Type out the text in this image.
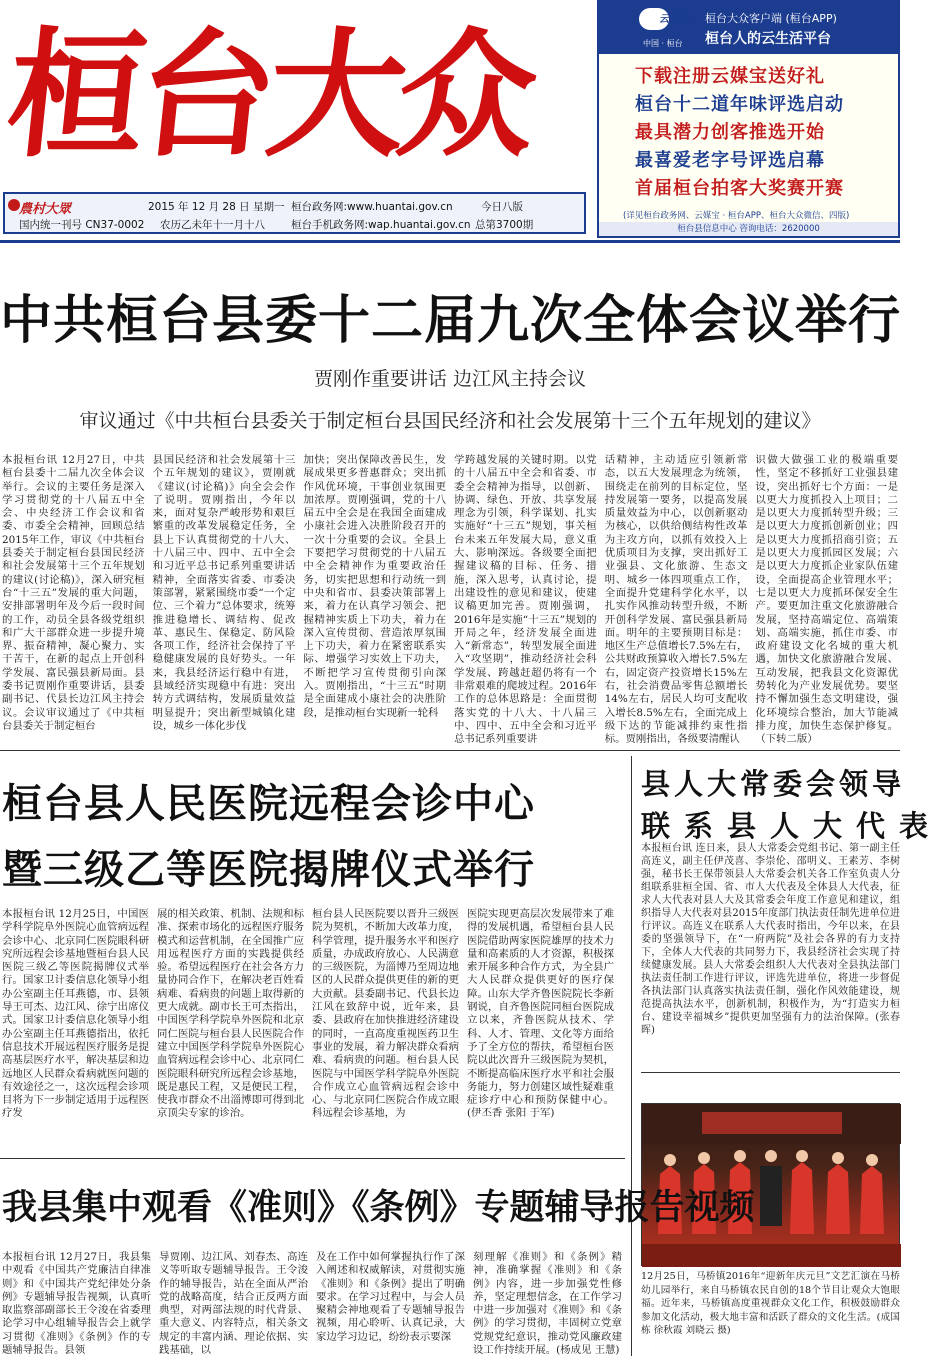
桓台大众
農村大眾
国内统一刊号 CN37-0002
2015 年 12 月 28 日 星期一
农历乙未年十一月十八
桓台政务网:www.huantai.gov.cn
桓台手机政务网:wap.huantai.gov.cn
今日八版
总第3700期
云媒宝
中国 · 桓台
桓台大众客户端 (桓台APP)
桓台人的云生活平台
下载注册云媒宝送好礼
桓台十二道年味评选启动
最具潜力创客推选开始
最喜爱老字号评选启幕
首届桓台拍客大奖赛开赛
(详见桓台政务网、云媒宝 · 桓台APP、桓台大众微信、四版)
桓台县信息中心 咨询电话：2620000
中共桓台县委十二届九次全体会议举行
贾刚作重要讲话 边江风主持会议
审议通过《中共桓台县委关于制定桓台县国民经济和社会发展第十三个五年规划的建议》
本报桓台讯 12月27日，中共桓台县委十二届九次全体会议举行。会议的主要任务是深入学习贯彻党的十八届五中全会、中央经济工作会议和省委、市委全会精神，回顾总结2015年工作，审议《中共桓台县委关于制定桓台县国民经济和社会发展第十三个五年规划的建议(讨论稿)》，深入研究桓台“十三五”发展的重大问题，安排部署明年及今后一段时间的工作，动员全县各级党组织和广大干部群众进一步提升境界、振奋精神，凝心聚力、实干苦干，在新的起点上开创科学发展、富民强县新局面。县委书记贾刚作重要讲话，县委副书记、代县长边江风主持会议。会议审议通过了《中共桓台县委关于制定桓台
县国民经济和社会发展第十三个五年规划的建议》，贾刚就《建议(讨论稿)》向全会会作了说明。贾刚指出，今年以来，面对复杂严峻形势和艰巨繁重的改革发展稳定任务，全县上下认真贯彻党的十八大、十八届三中、四中、五中全会和习近平总书记系列重要讲话精神，全面落实省委、市委决策部署，紧紧围绕市委“一个定位、三个着力”总体要求，统筹推进稳增长、调结构、促改革、惠民生、保稳定、防风险各项工作，经济社会保持了平稳健康发展的良好势头。一年来，我县经济运行稳中有进，县域经济实现稳中有进：突出转方式调结构，发展质量效益明显提升；突出新型城镇化建设，城乡一体化步伐
加快；突出保障改善民生，发展成果更多普惠群众；突出抓作风优环境，干事创业氛围更加浓厚。贾刚强调，党的十八届五中全会是在我国全面建成小康社会进入决胜阶段召开的一次十分重要的会议。全县上下要把学习贯彻党的十八届五中全会精神作为重要政治任务，切实把思想和行动统一到中央和省市、县委决策部署上来，着力在认真学习领会、把握精神实质上下功夫，着力在深入宣传贯彻、营造浓厚氛围上下功夫，着力在紧密联系实际、增强学习实效上下功夫，不断把学习宣传贯彻引向深入。贾刚指出，“十三五”时期是全面建成小康社会的决胜阶段，是推动桓台实现新一轮科
学跨越发展的关键时期。以党的十八届五中全会和省委、市委全会精神为指导，以创新、协调、绿色、开放、共享发展理念为引领，科学谋划、扎实实施好“十三五”规划，事关桓台未来五年发展大局，意义重大、影响深远。各级要全面把握建议稿的目标、任务、措施，深入思考，认真讨论，提出建设性的意见和建议，使建议稿更加完善。贾刚强调，2016年是实施“十三五”规划的开局之年，经济发展全面进入“新常态”，转型发展全面进入“攻坚期”，推动经济社会科学发展、跨越赶超仍将有一个非常艰难的爬坡过程。2016年工作的总体思路是：全面贯彻落实党的十八大、十八届三中、四中、五中全会和习近平总书记系列重要讲
话精神，主动适应引领新常态，以五大发展理念为统领，围绕走在前列的目标定位，坚持发展第一要务，以提高发展质量效益为中心，以创新驱动为核心，以供给侧结构性改革为主攻方向，以抓有效投入上优质项目为支撑，突出抓好工业强县、文化旅游、生态文明、城乡一体四项重点工作，全面提升党建科学化水平，以扎实作风推动转型升级，不断开创科学发展、富民强县新局面。明年的主要预期目标是：地区生产总值增长7.5%左右，公共财政预算收入增长7.5%左右，固定资产投资增长15%左右，社会消费品零售总额增长14%左右，居民人均可支配收入增长8.5%左右，全面完成上级下达的节能减排约束性指标。贾刚指出，各级要清醒认
识做大做强工业的极端重要性，坚定不移抓好工业强县建设，突出抓好七个方面：一是以更大力度抓投入上项目；二是以更大力度抓转型升级；三是以更大力度抓创新创业；四是以更大力度抓招商引资；五是以更大力度抓园区发展；六是以更大力度抓企业家队伍建设，全面提高企业管理水平；七是以更大力度抓环保安全生产。要更加注重文化旅游融合发展，坚持高端定位、高端策划、高端实施，抓住市委、市政府建设文化名城的重大机遇，加快文化旅游融合发展、互动发展，把我县文化资源优势转化为产业发展优势。要坚持不懈加强生态文明建设，强化环境综合整治，加大节能减排力度，加快生态保护修复。（下转二版）
桓台县人民医院远程会诊中心
暨三级乙等医院揭牌仪式举行
本报桓台讯 12月25日，中国医学科学院阜外医院心血管病远程会诊中心、北京同仁医院眼科研究所远程会诊基地暨桓台县人民医院三级乙等医院揭牌仪式举行。国家卫计委信息化领导小组办公室副主任耳燕德，市、县领导王可杰、边江风、徐宁出席仪式。国家卫计委信息化领导小组办公室副主任耳燕德指出，依托信息技术开展远程医疗服务是提高基层医疗水平，解决基层和边远地区人民群众看病就医问题的有效途径之一，这次远程会诊项目将为下一步制定适用于远程医疗发
展的相关政策、机制、法规和标准、探索市场化的远程医疗服务模式和运营机制，在全国推广应用远程医疗方面的实践提供经验。希望远程医疗在社会各方力量协同合作下，在解决老百姓看病难、看病贵的问题上取得新的更大成就。副市长王可杰指出，中国医学科学院阜外医院和北京同仁医院与桓台县人民医院合作建立中国医学科学院阜外医院心血管病远程会诊中心、北京同仁医院眼科研究所远程会诊基地，既是惠民工程，又是便民工程，使我市群众不出淄博即可得到北京顶尖专家的诊治。
桓台县人民医院要以晋升三级医院为契机，不断加大改革力度，科学管理，提升服务水平和医疗质量，办成政府放心、人民满意的三级医院，为淄博乃至周边地区的人民群众提供更佳的新的更大贡献。县委副书记、代县长边江风在致辞中说，近年来，县委、县政府在加快推进经济建设的同时，一直高度重视医药卫生事业的发展，着力解决群众看病难、看病贵的问题。桓台县人民医院与中国医学科学院阜外医院合作成立心血管病远程会诊中心、与北京同仁医院合作成立眼科远程会诊基地，为
医院实现更高层次发展带来了难得的发展机遇，希望桓台县人民医院借助两家医院雄厚的技术力量和高素质的人才资源，积极探索开展多种合作方式，为全县广大人民群众提供更好的医疗保障。山东大学齐鲁医院院长李新钢说，自齐鲁医院同桓台医院成立以来，齐鲁医院从技术、学科、人才、管理、文化等方面给予了全方位的帮扶，希望桓台医院以此次晋升三级医院为契机，不断提高临床医疗水平和社会服务能力，努力创建区域性疑难重症诊疗中心和预防保健中心。(伊丕香 张阳 于军)
县人大常委会领导
联系县人大代表
本报桓台讯 连日来，县人大常委会党组书记、第一副主任高连义，副主任伊茂喜、李崇伦、邵明义、王素芳、李树强，秘书长王保带领县人大常委会机关各工作室负责人分组联系驻桓全国、省、市人大代表及全体县人大代表，征求人大代表对县人大及其常委会年度工作意见和建议，组织指导人大代表对县2015年度部门执法责任制先进单位进行评议。高连义在联系人大代表时指出，今年以来，在县委的坚强领导下，在“一府两院”及社会各界的有力支持下，全体人大代表的共同努力下，我县经济社会实现了持续健康发展。县人大常委会组织人大代表对全县执法部门执法责任制工作进行评议，评选先进单位，将进一步督促各执法部门认真落实执法责任制，强化作风效能建设，规范提高执法水平，创新机制，积极作为，为“打造实力桓台、建设幸福城乡”提供更加坚强有力的法治保障。(张春晖)
12月25日，马桥镇2016年“迎新年庆元旦”文艺汇演在马桥幼儿园举行，来自马桥镇农民自创的18个节目让观众大饱眼福。近年来，马桥镇高度重视群众文化工作，积极鼓励群众参加文化活动，极大地丰富和活跃了群众的文化生活。(成国栋 徐秋霞 刘晓云 摄)
我县集中观看《准则》《条例》专题辅导报告视频
本报桓台讯 12月27日，我县集中观看《中国共产党廉洁自律准则》和《中国共产党纪律处分条例》专题辅导报告视频，认真听取监察部副部长王令浚在省委理论学习中心组辅导报告会上就学习贯彻《准则》《条例》作的专题辅导报告。县领
导贾刚、边江风、刘春杰、高连义等听取专题辅导报告。王令浚作的辅导报告，站在全面从严治党的战略高度，结合正反两方面典型，对两部法规的时代背景、重大意义、内容特点，相关条文规定的丰富内涵、理论依据、实践基础，以
及在工作中如何掌握执行作了深入阐述和权威解读，对贯彻实施《准则》和《条例》提出了明确要求。在学习过程中，与会人员聚精会神地观看了专题辅导报告视频，用心聆听、认真记录，大家边学习边记，纷纷表示要深
刻理解《准则》和《条例》精神，准确掌握《准则》和《条例》内容，进一步加强党性修养，坚定理想信念，在工作学习中进一步加强对《准则》和《条例》的学习贯彻，丰固树立党章党规党纪意识，推动党风廉政建设工作持续开展。(杨成见 王慧)
